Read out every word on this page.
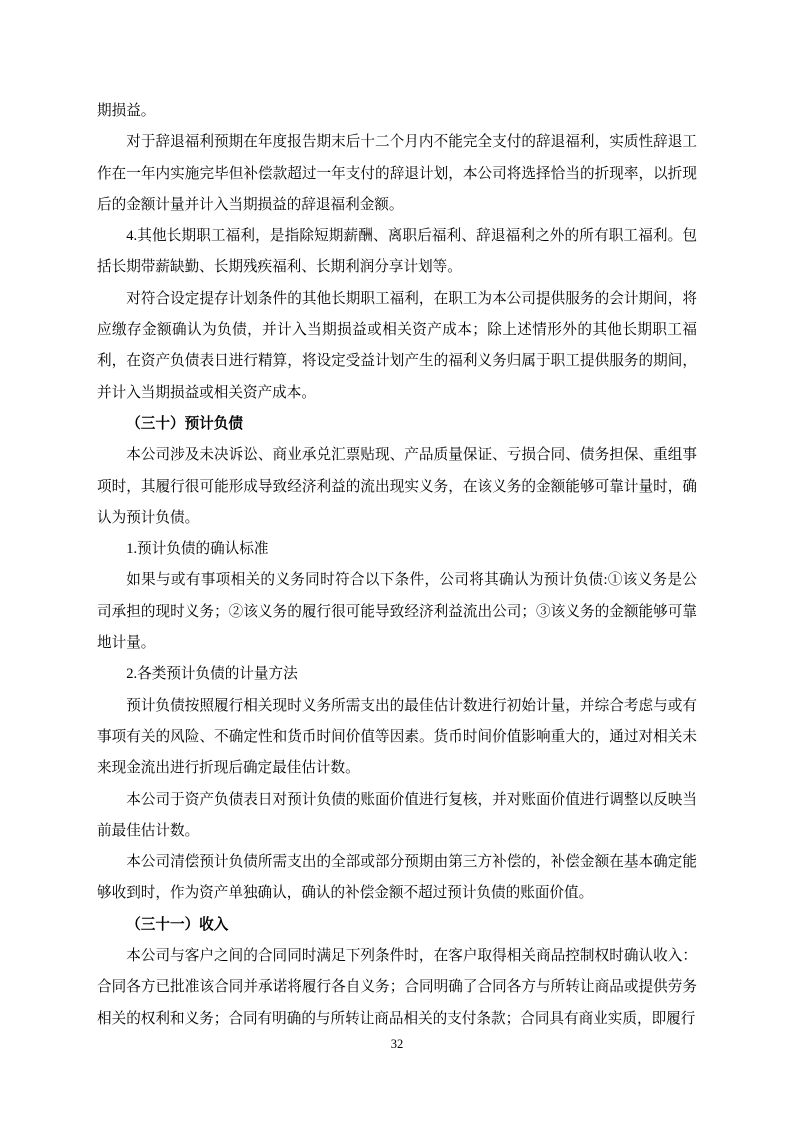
期损益。

对于辞退福利预期在年度报告期末后十二个月内不能完全支付的辞退福利，实质性辞退工作在一年内实施完毕但补偿款超过一年支付的辞退计划，本公司将选择恰当的折现率，以折现后的金额计量并计入当期损益的辞退福利金额。

4.其他长期职工福利，是指除短期薪酬、离职后福利、辞退福利之外的所有职工福利。包括长期带薪缺勤、长期残疾福利、长期利润分享计划等。

对符合设定提存计划条件的其他长期职工福利，在职工为本公司提供服务的会计期间，将应缴存金额确认为负债，并计入当期损益或相关资产成本；除上述情形外的其他长期职工福利，在资产负债表日进行精算，将设定受益计划产生的福利义务归属于职工提供服务的期间，并计入当期损益或相关资产成本。

（三十）预计负债

本公司涉及未决诉讼、商业承兑汇票贴现、产品质量保证、亏损合同、债务担保、重组事项时，其履行很可能形成导致经济利益的流出现实义务，在该义务的金额能够可靠计量时，确认为预计负债。

1.预计负债的确认标准

如果与或有事项相关的义务同时符合以下条件，公司将其确认为预计负债:①该义务是公司承担的现时义务；②该义务的履行很可能导致经济利益流出公司；③该义务的金额能够可靠地计量。

2.各类预计负债的计量方法

预计负债按照履行相关现时义务所需支出的最佳估计数进行初始计量，并综合考虑与或有事项有关的风险、不确定性和货币时间价值等因素。货币时间价值影响重大的，通过对相关未来现金流出进行折现后确定最佳估计数。

本公司于资产负债表日对预计负债的账面价值进行复核，并对账面价值进行调整以反映当前最佳估计数。

本公司清偿预计负债所需支出的全部或部分预期由第三方补偿的，补偿金额在基本确定能够收到时，作为资产单独确认，确认的补偿金额不超过预计负债的账面价值。

（三十一）收入

本公司与客户之间的合同同时满足下列条件时，在客户取得相关商品控制权时确认收入：合同各方已批准该合同并承诺将履行各自义务；合同明确了合同各方与所转让商品或提供劳务相关的权利和义务；合同有明确的与所转让商品相关的支付条款；合同具有商业实质，即履行

32
